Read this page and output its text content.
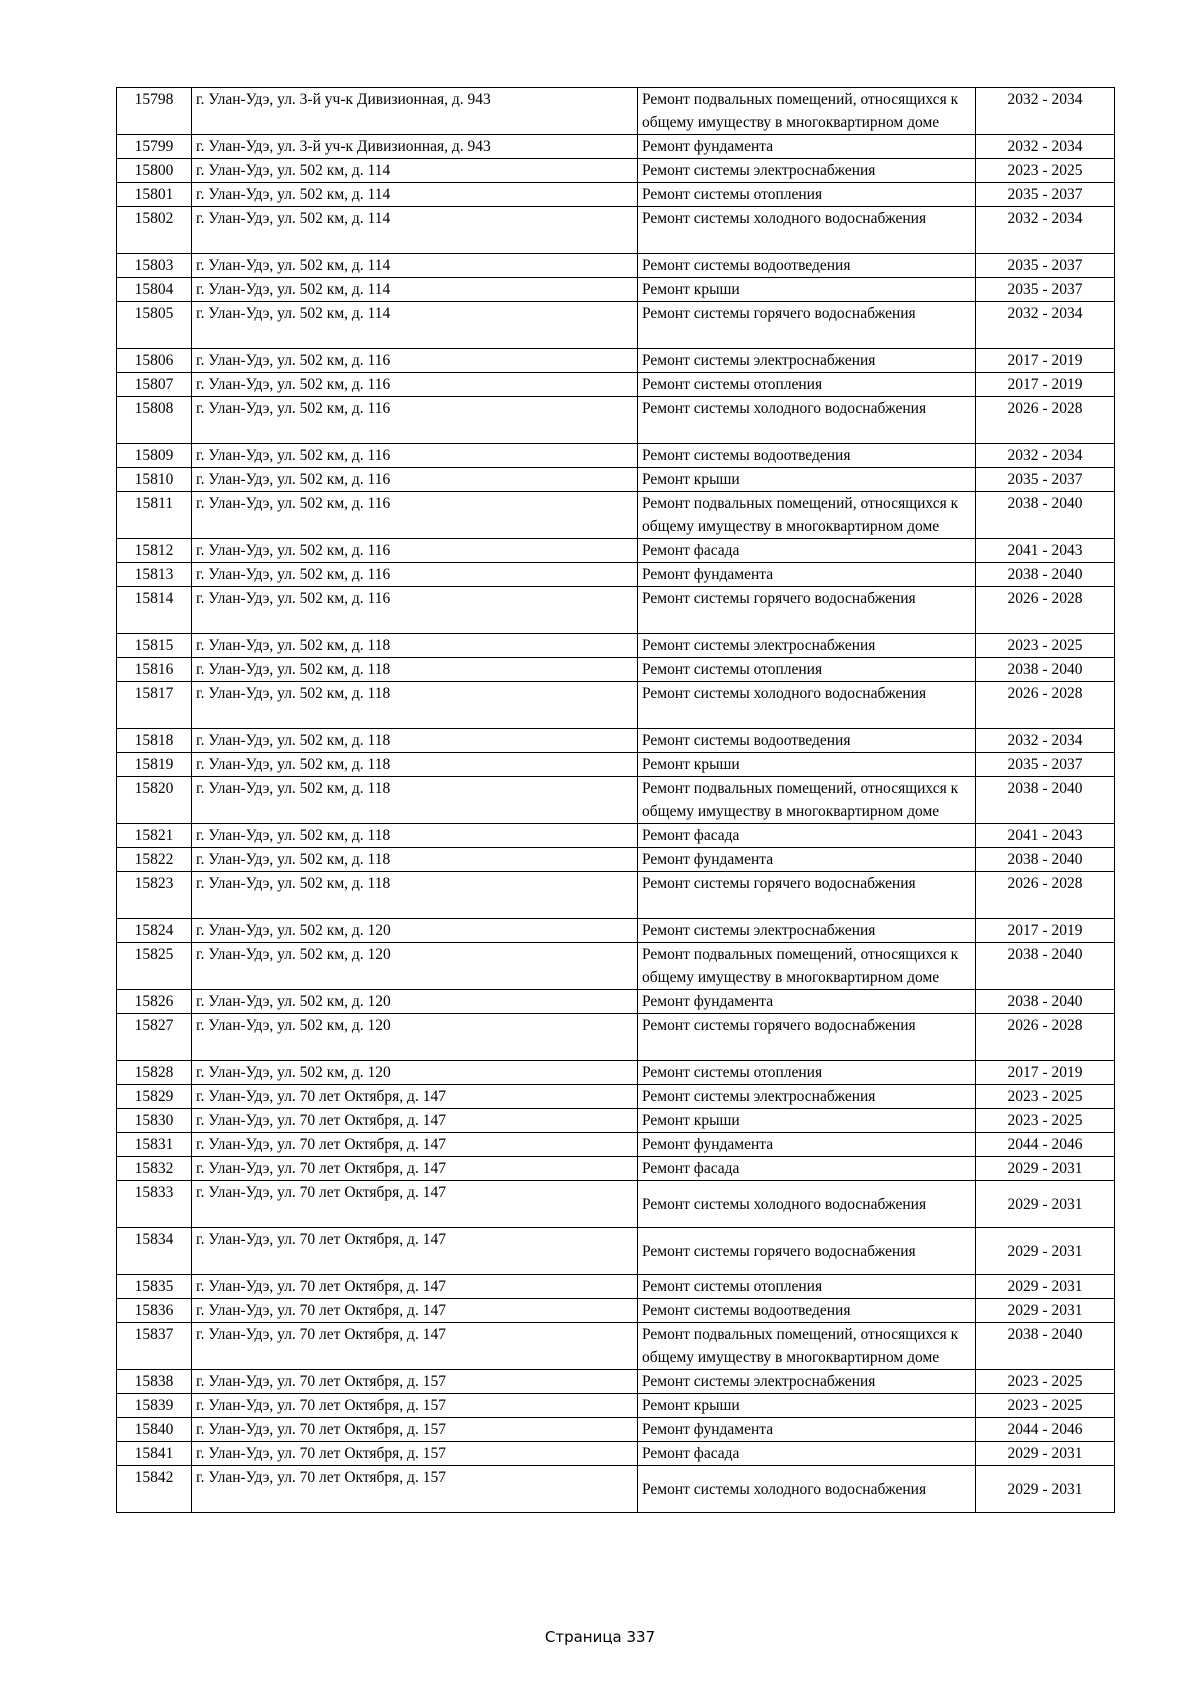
15798	г. Улан-Удэ, ул. 3-й уч-к Дивизионная, д. 943	Ремонт подвальных помещений, относящихся к общему имуществу в многоквартирном доме	2032 - 2034
15799	г. Улан-Удэ, ул. 3-й уч-к Дивизионная, д. 943	Ремонт фундамента	2032 - 2034
15800	г. Улан-Удэ, ул. 502 км, д. 114	Ремонт системы электроснабжения	2023 - 2025
15801	г. Улан-Удэ, ул. 502 км, д. 114	Ремонт системы отопления	2035 - 2037
15802	г. Улан-Удэ, ул. 502 км, д. 114	Ремонт системы холодного водоснабжения	2032 - 2034
15803	г. Улан-Удэ, ул. 502 км, д. 114	Ремонт системы водоотведения	2035 - 2037
15804	г. Улан-Удэ, ул. 502 км, д. 114	Ремонт крыши	2035 - 2037
15805	г. Улан-Удэ, ул. 502 км, д. 114	Ремонт системы горячего водоснабжения	2032 - 2034
15806	г. Улан-Удэ, ул. 502 км, д. 116	Ремонт системы электроснабжения	2017 - 2019
15807	г. Улан-Удэ, ул. 502 км, д. 116	Ремонт системы отопления	2017 - 2019
15808	г. Улан-Удэ, ул. 502 км, д. 116	Ремонт системы холодного водоснабжения	2026 - 2028
15809	г. Улан-Удэ, ул. 502 км, д. 116	Ремонт системы водоотведения	2032 - 2034
15810	г. Улан-Удэ, ул. 502 км, д. 116	Ремонт крыши	2035 - 2037
15811	г. Улан-Удэ, ул. 502 км, д. 116	Ремонт подвальных помещений, относящихся к общему имуществу в многоквартирном доме	2038 - 2040
15812	г. Улан-Удэ, ул. 502 км, д. 116	Ремонт фасада	2041 - 2043
15813	г. Улан-Удэ, ул. 502 км, д. 116	Ремонт фундамента	2038 - 2040
15814	г. Улан-Удэ, ул. 502 км, д. 116	Ремонт системы горячего водоснабжения	2026 - 2028
15815	г. Улан-Удэ, ул. 502 км, д. 118	Ремонт системы электроснабжения	2023 - 2025
15816	г. Улан-Удэ, ул. 502 км, д. 118	Ремонт системы отопления	2038 - 2040
15817	г. Улан-Удэ, ул. 502 км, д. 118	Ремонт системы холодного водоснабжения	2026 - 2028
15818	г. Улан-Удэ, ул. 502 км, д. 118	Ремонт системы водоотведения	2032 - 2034
15819	г. Улан-Удэ, ул. 502 км, д. 118	Ремонт крыши	2035 - 2037
15820	г. Улан-Удэ, ул. 502 км, д. 118	Ремонт подвальных помещений, относящихся к общему имуществу в многоквартирном доме	2038 - 2040
15821	г. Улан-Удэ, ул. 502 км, д. 118	Ремонт фасада	2041 - 2043
15822	г. Улан-Удэ, ул. 502 км, д. 118	Ремонт фундамента	2038 - 2040
15823	г. Улан-Удэ, ул. 502 км, д. 118	Ремонт системы горячего водоснабжения	2026 - 2028
15824	г. Улан-Удэ, ул. 502 км, д. 120	Ремонт системы электроснабжения	2017 - 2019
15825	г. Улан-Удэ, ул. 502 км, д. 120	Ремонт подвальных помещений, относящихся к общему имуществу в многоквартирном доме	2038 - 2040
15826	г. Улан-Удэ, ул. 502 км, д. 120	Ремонт фундамента	2038 - 2040
15827	г. Улан-Удэ, ул. 502 км, д. 120	Ремонт системы горячего водоснабжения	2026 - 2028
15828	г. Улан-Удэ, ул. 502 км, д. 120	Ремонт системы отопления	2017 - 2019
15829	г. Улан-Удэ, ул. 70 лет Октября, д. 147	Ремонт системы электроснабжения	2023 - 2025
15830	г. Улан-Удэ, ул. 70 лет Октября, д. 147	Ремонт крыши	2023 - 2025
15831	г. Улан-Удэ, ул. 70 лет Октября, д. 147	Ремонт фундамента	2044 - 2046
15832	г. Улан-Удэ, ул. 70 лет Октября, д. 147	Ремонт фасада	2029 - 2031
15833	г. Улан-Удэ, ул. 70 лет Октября, д. 147	Ремонт системы холодного водоснабжения	2029 - 2031
15834	г. Улан-Удэ, ул. 70 лет Октября, д. 147	Ремонт системы горячего водоснабжения	2029 - 2031
15835	г. Улан-Удэ, ул. 70 лет Октября, д. 147	Ремонт системы отопления	2029 - 2031
15836	г. Улан-Удэ, ул. 70 лет Октября, д. 147	Ремонт системы водоотведения	2029 - 2031
15837	г. Улан-Удэ, ул. 70 лет Октября, д. 147	Ремонт подвальных помещений, относящихся к общему имуществу в многоквартирном доме	2038 - 2040
15838	г. Улан-Удэ, ул. 70 лет Октября, д. 157	Ремонт системы электроснабжения	2023 - 2025
15839	г. Улан-Удэ, ул. 70 лет Октября, д. 157	Ремонт крыши	2023 - 2025
15840	г. Улан-Удэ, ул. 70 лет Октября, д. 157	Ремонт фундамента	2044 - 2046
15841	г. Улан-Удэ, ул. 70 лет Октября, д. 157	Ремонт фасада	2029 - 2031
15842	г. Улан-Удэ, ул. 70 лет Октября, д. 157	Ремонт системы холодного водоснабжения	2029 - 2031
Страница 337
